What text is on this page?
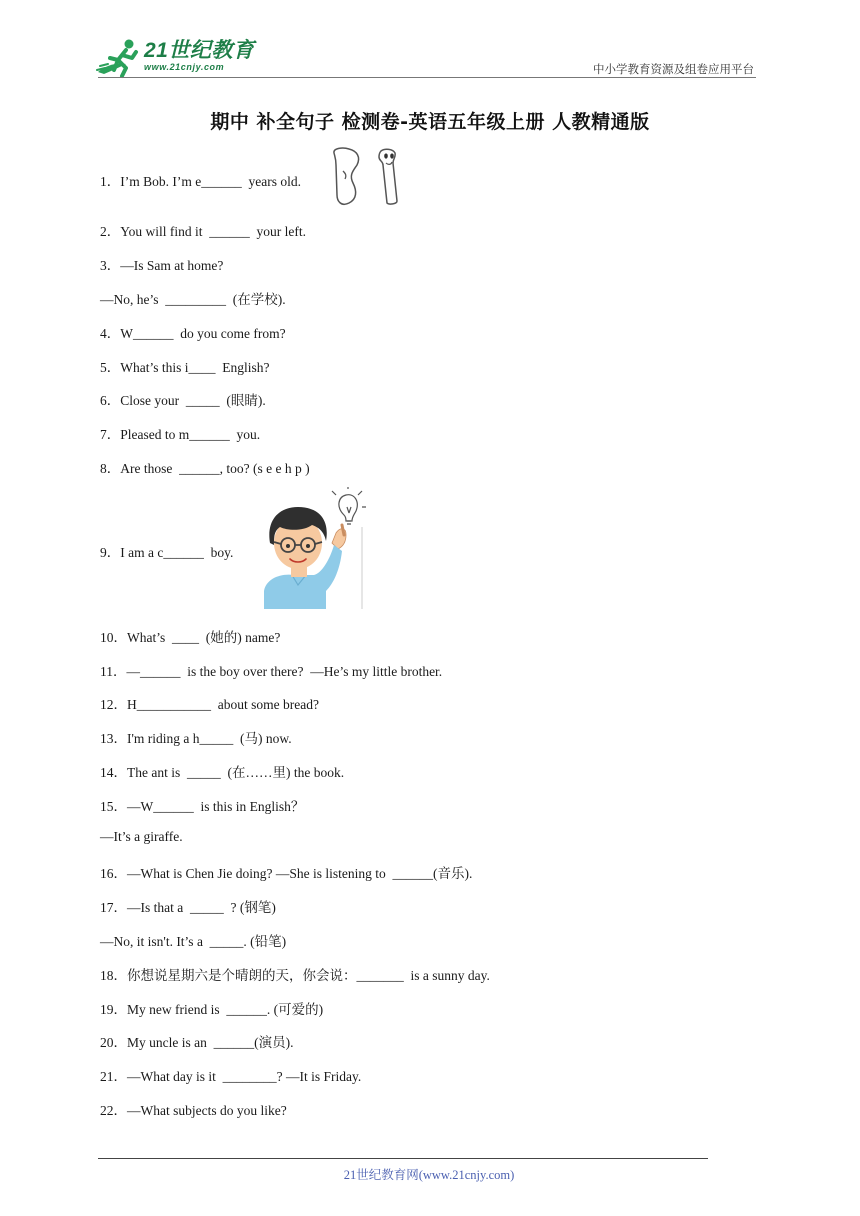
21世纪教育
www.21cnjy.com	中小学教育资源及组卷应用平台
期中 补全句子 检测卷-英语五年级上册 人教精通版
1．I’m Bob. I’m e______  years old.
2．You will find it  ______  your left.
3．—Is Sam at home?
—No, he’s  _________  (在学校).
4．W______  do you come from?
5．What’s this i____  English?
6．Close your  _____  (眼睛).
7．Pleased to m______  you.
8．Are those  ______, too? (s e e h p )
9．I am a c______  boy.
10．What’s  ____  (她的) name?
11．—______  is the boy over there?  —He’s my little brother.
12．H___________  about some bread?
13．I'm riding a h_____  (马) now.
14．The ant is  _____  (在……里) the book.
15．—W______  is this in English？
—It’s a giraffe.
16．—What is Chen Jie doing? —She is listening to  ______(音乐).
17．—Is that a  _____  ? (钢笔)
—No, it isn't. It’s a  _____. (铅笔)
18．你想说星期六是个晴朗的天，你会说：_______  is a sunny day.
19．My new friend is  ______. (可爱的)
20．My uncle is an  ______(演员).
21．—What day is it  ________? —It is Friday.
22．—What subjects do you like?
21世纪教育网(www.21cnjy.com)
